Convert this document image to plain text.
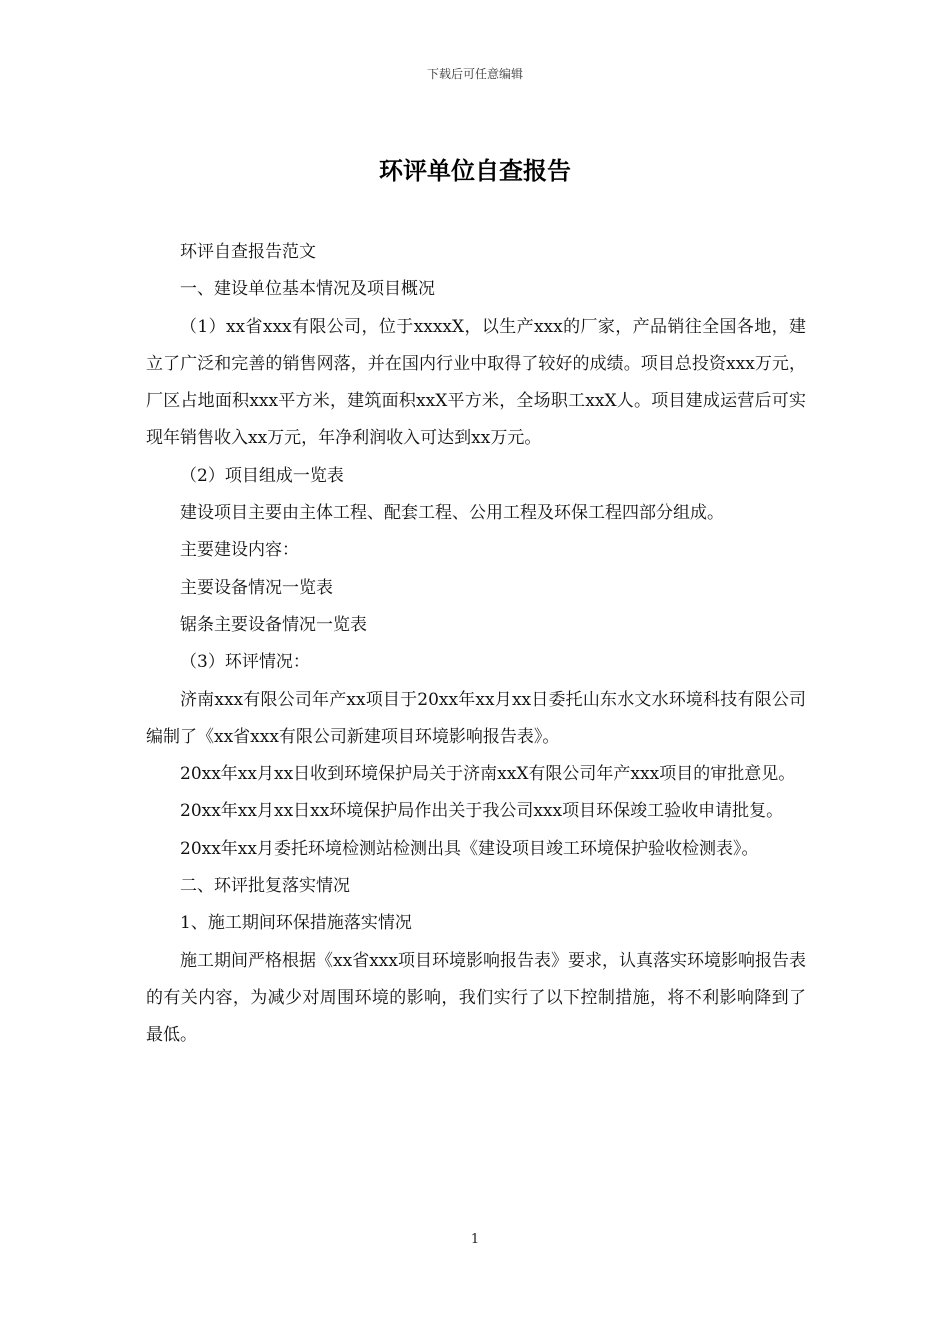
下载后可任意编辑
环评单位自查报告

环评自查报告范文

一、建设单位基本情况及项目概况

（1）xx省xxx有限公司，位于xxxxX，以生产xxx的厂家，产品销往全国各地，建立了广泛和完善的销售网落，并在国内行业中取得了较好的成绩。项目总投资xxx万元，厂区占地面积xxx平方米，建筑面积xxX平方米，全场职工xxX人。项目建成运营后可实现年销售收入xx万元，年净利润收入可达到xx万元。

（2）项目组成一览表

建设项目主要由主体工程、配套工程、公用工程及环保工程四部分组成。

主要建设内容：

主要设备情况一览表

锯条主要设备情况一览表

（3）环评情况：

济南xxx有限公司年产xx项目于20xx年xx月xx日委托山东水文水环境科技有限公司编制了《xx省xxx有限公司新建项目环境影响报告表》。

20xx年xx月xx日收到环境保护局关于济南xxX有限公司年产xxx项目的审批意见。

20xx年xx月xx日xx环境保护局作出关于我公司xxx项目环保竣工验收申请批复。

20xx年xx月委托环境检测站检测出具《建设项目竣工环境保护验收检测表》。

二、环评批复落实情况

1、施工期间环保措施落实情况

施工期间严格根据《xx省xxx项目环境影响报告表》要求，认真落实环境影响报告表的有关内容，为减少对周围环境的影响，我们实行了以下控制措施，将不利影响降到了最低。

1
